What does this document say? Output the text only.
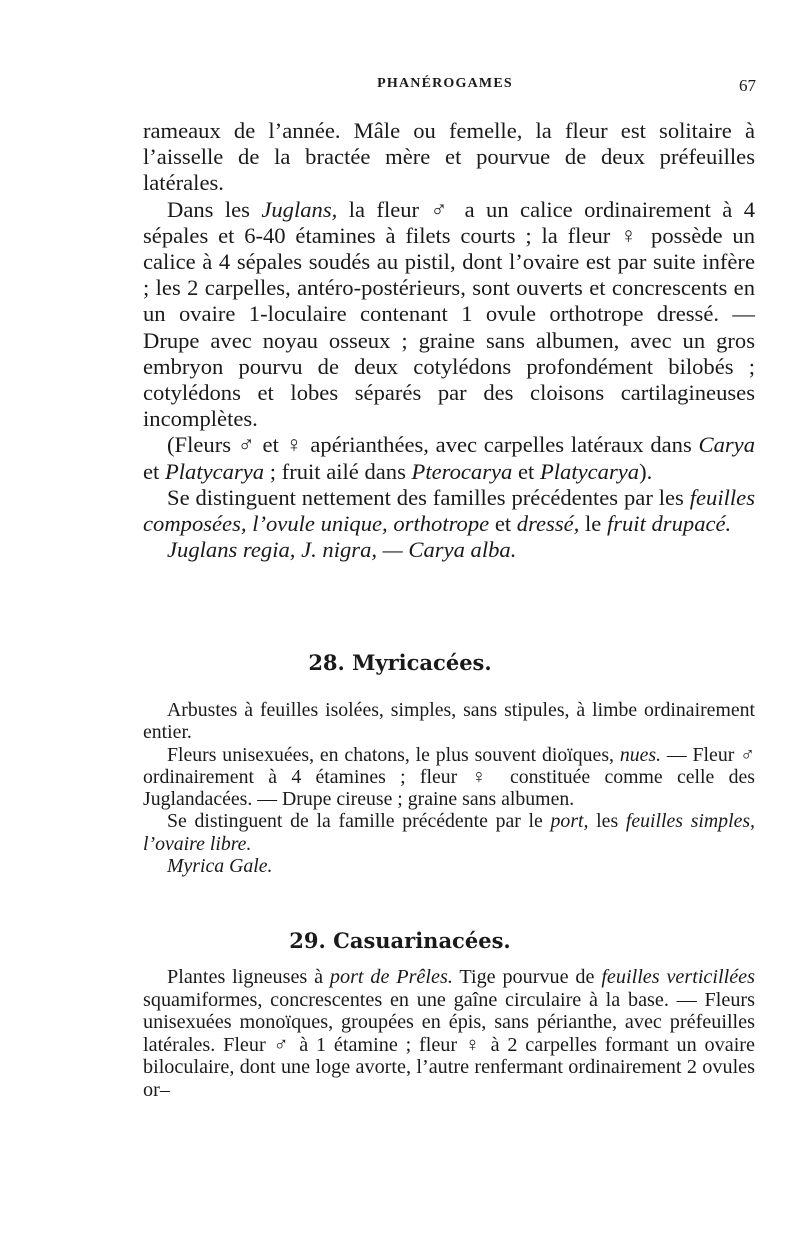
PHANÉROGAMES	67

rameaux de l’année. Mâle ou femelle, la fleur est solitaire à l’aisselle de la bractée mère et pourvue de deux préfeuilles latérales.

Dans les Juglans, la fleur ♂ a un calice ordinairement à 4 sépales et 6-40 étamines à filets courts ; la fleur ♀ possède un calice à 4 sépales soudés au pistil, dont l’ovaire est par suite infère ; les 2 carpelles, antéro-postérieurs, sont ouverts et concrescents en un ovaire 1-loculaire contenant 1 ovule orthotrope dressé. — Drupe avec noyau osseux ; graine sans albumen, avec un gros embryon pourvu de deux cotylédons profondément bilobés ; cotylédons et lobes séparés par des cloisons cartilagineuses incomplètes.

(Fleurs ♂ et ♀ apérianthées, avec carpelles latéraux dans Carya et Platycarya ; fruit ailé dans Pterocarya et Platycarya).

Se distinguent nettement des familles précédentes par les feuilles composées, l’ovule unique, orthotrope et dressé, le fruit drupacé.

Juglans regia, J. nigra, — Carya alba.

28. Myricacées.

Arbustes à feuilles isolées, simples, sans stipules, à limbe ordinairement entier.

Fleurs unisexuées, en chatons, le plus souvent dioïques, nues. — Fleur ♂ ordinairement à 4 étamines ; fleur ♀ constituée comme celle des Juglandacées. — Drupe cireuse ; graine sans albumen.

Se distinguent de la famille précédente par le port, les feuilles simples, l’ovaire libre.

Myrica Gale.

29. Casuarinacées.

Plantes ligneuses à port de Prêles. Tige pourvue de feuilles verticillées squamiformes, concrescentes en une gaîne circulaire à la base. — Fleurs unisexuées monoïques, groupées en épis, sans périanthe, avec préfeuilles latérales. Fleur ♂ à 1 étamine ; fleur ♀ à 2 carpelles formant un ovaire biloculaire, dont une loge avorte, l’autre renfermant ordinairement 2 ovules or–
